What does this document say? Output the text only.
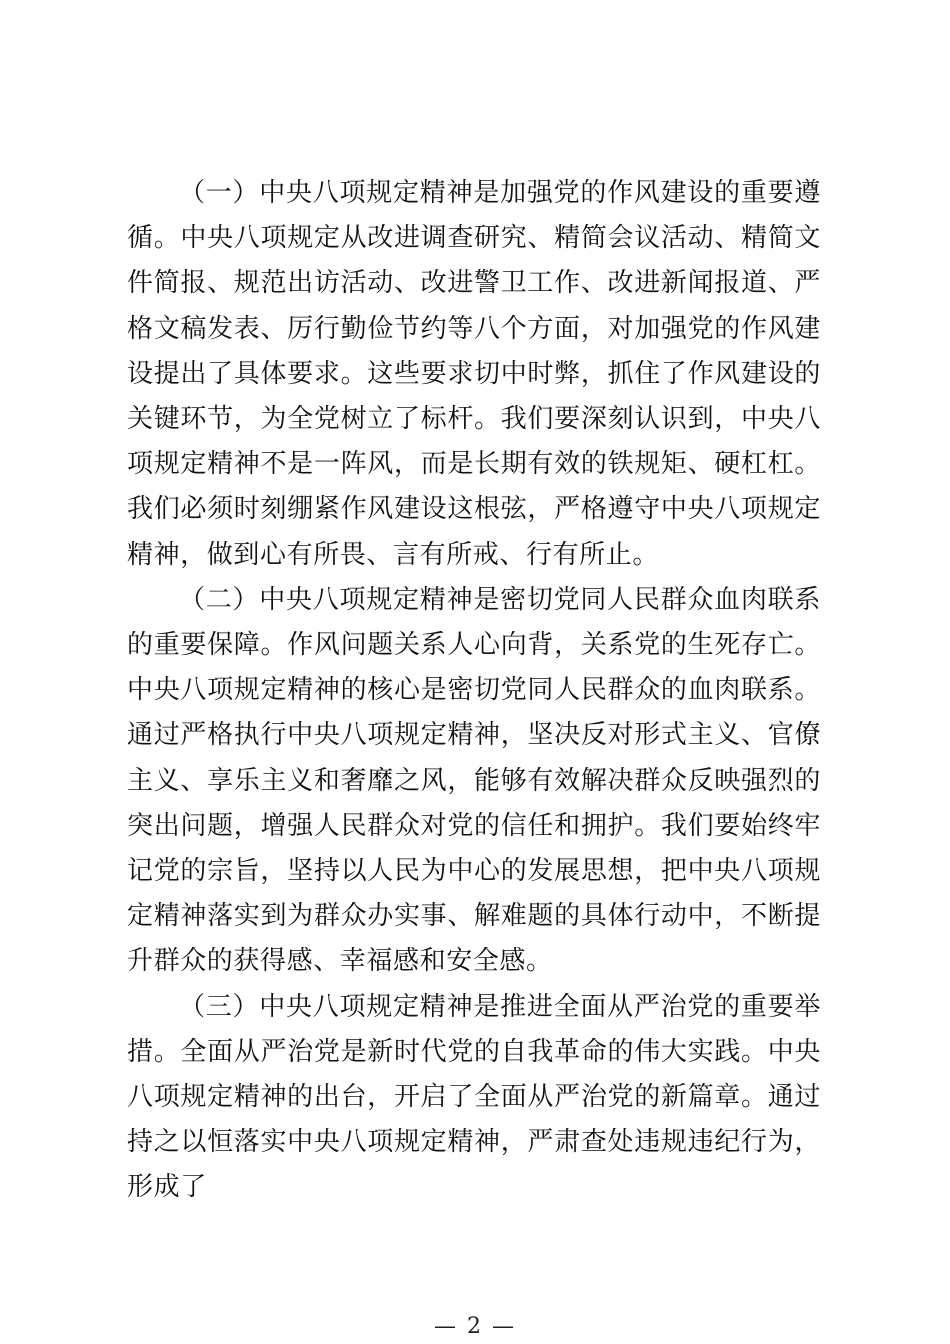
（一）中央八项规定精神是加强党的作风建设的重要遵循。中央八项规定从改进调查研究、精简会议活动、精简文件简报、规范出访活动、改进警卫工作、改进新闻报道、严格文稿发表、厉行勤俭节约等八个方面，对加强党的作风建设提出了具体要求。这些要求切中时弊，抓住了作风建设的关键环节，为全党树立了标杆。我们要深刻认识到，中央八项规定精神不是一阵风，而是长期有效的铁规矩、硬杠杠。我们必须时刻绷紧作风建设这根弦，严格遵守中央八项规定精神，做到心有所畏、言有所戒、行有所止。

（二）中央八项规定精神是密切党同人民群众血肉联系的重要保障。作风问题关系人心向背，关系党的生死存亡。中央八项规定精神的核心是密切党同人民群众的血肉联系。通过严格执行中央八项规定精神，坚决反对形式主义、官僚主义、享乐主义和奢靡之风，能够有效解决群众反映强烈的突出问题，增强人民群众对党的信任和拥护。我们要始终牢记党的宗旨，坚持以人民为中心的发展思想，把中央八项规定精神落实到为群众办实事、解难题的具体行动中，不断提升群众的获得感、幸福感和安全感。

（三）中央八项规定精神是推进全面从严治党的重要举措。全面从严治党是新时代党的自我革命的伟大实践。中央八项规定精神的出台，开启了全面从严治党的新篇章。通过持之以恒落实中央八项规定精神，严肃查处违规违纪行为，形成了

— 2 —
